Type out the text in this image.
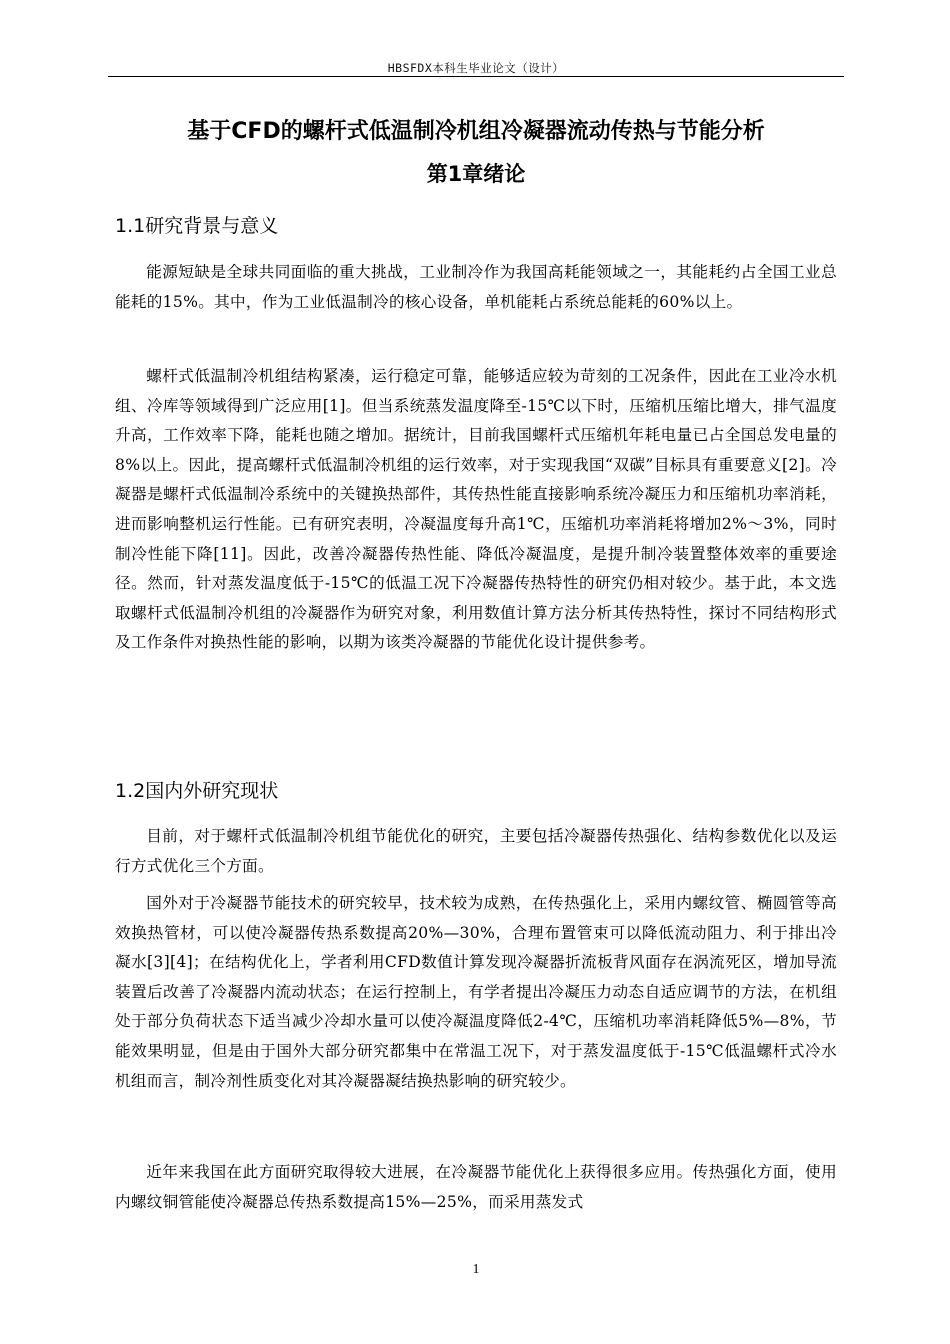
HBSFDX本科生毕业论文（设计）
基于CFD的螺杆式低温制冷机组冷凝器流动传热与节能分析
第1章绪论
1.1研究背景与意义

能源短缺是全球共同面临的重大挑战，工业制冷作为我国高耗能领域之一，其能耗约占全国工业总能耗的15%。其中，作为工业低温制冷的核心设备，单机能耗占系统总能耗的60%以上。

螺杆式低温制冷机组结构紧凑，运行稳定可靠，能够适应较为苛刻的工况条件，因此在工业冷水机组、冷库等领域得到广泛应用[1]。但当系统蒸发温度降至-15℃以下时，压缩机压缩比增大，排气温度升高，工作效率下降，能耗也随之增加。据统计，目前我国螺杆式压缩机年耗电量已占全国总发电量的8%以上。因此，提高螺杆式低温制冷机组的运行效率，对于实现我国“双碳”目标具有重要意义[2]。冷凝器是螺杆式低温制冷系统中的关键换热部件，其传热性能直接影响系统冷凝压力和压缩机功率消耗，进而影响整机运行性能。已有研究表明，冷凝温度每升高1℃，压缩机功率消耗将增加2%～3%，同时制冷性能下降[11]。因此，改善冷凝器传热性能、降低冷凝温度，是提升制冷装置整体效率的重要途径。然而，针对蒸发温度低于-15℃的低温工况下冷凝器传热特性的研究仍相对较少。基于此，本文选取螺杆式低温制冷机组的冷凝器作为研究对象，利用数值计算方法分析其传热特性，探讨不同结构形式及工作条件对换热性能的影响，以期为该类冷凝器的节能优化设计提供参考。

1.2国内外研究现状

目前，对于螺杆式低温制冷机组节能优化的研究，主要包括冷凝器传热强化、结构参数优化以及运行方式优化三个方面。

国外对于冷凝器节能技术的研究较早，技术较为成熟，在传热强化上，采用内螺纹管、椭圆管等高效换热管材，可以使冷凝器传热系数提高20%—30%，合理布置管束可以降低流动阻力、利于排出冷凝水[3][4]；在结构优化上，学者利用CFD数值计算发现冷凝器折流板背风面存在涡流死区，增加导流装置后改善了冷凝器内流动状态；在运行控制上，有学者提出冷凝压力动态自适应调节的方法，在机组处于部分负荷状态下适当减少冷却水量可以使冷凝温度降低2-4℃，压缩机功率消耗降低5%—8%，节能效果明显，但是由于国外大部分研究都集中在常温工况下，对于蒸发温度低于-15℃低温螺杆式冷水机组而言，制冷剂性质变化对其冷凝器凝结换热影响的研究较少。

近年来我国在此方面研究取得较大进展，在冷凝器节能优化上获得很多应用。传热强化方面，使用内螺纹铜管能使冷凝器总传热系数提高15%—25%，而采用蒸发式

1
